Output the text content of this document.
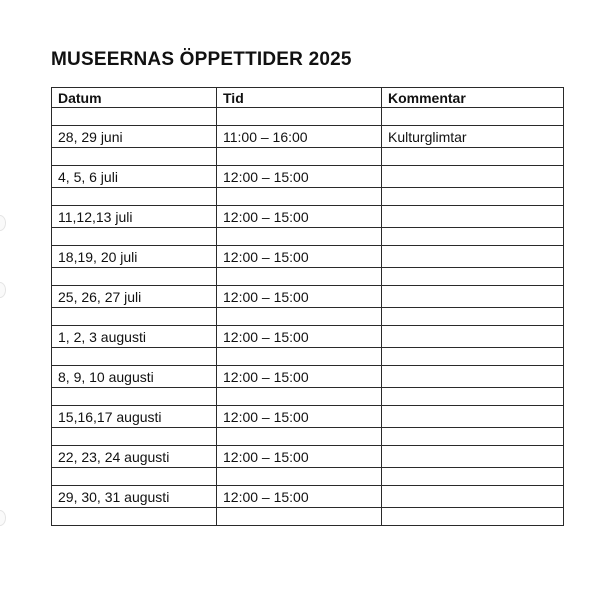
MUSEERNAS ÖPPETTIDER 2025
Datum	Tid	Kommentar

28, 29 juni	11:00 – 16:00	Kulturglimtar

4, 5, 6 juli	12:00 – 15:00	

11,12,13 juli	12:00 – 15:00	

18,19, 20 juli	12:00 – 15:00	

25, 26, 27 juli	12:00 – 15:00	

1, 2, 3 augusti	12:00 – 15:00	

8, 9, 10 augusti	12:00 – 15:00	

15,16,17 augusti	12:00 – 15:00	

22, 23, 24 augusti	12:00 – 15:00	

29, 30, 31 augusti	12:00 – 15:00	
